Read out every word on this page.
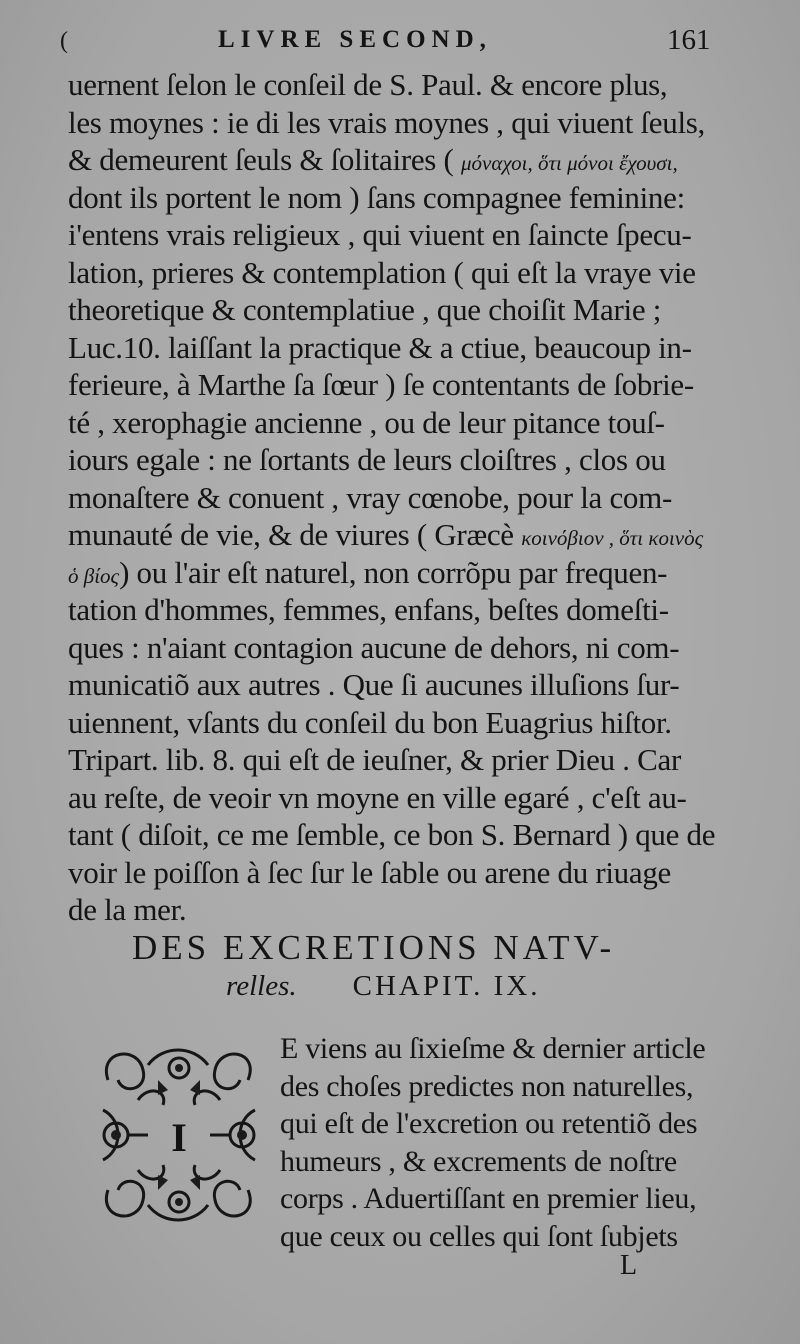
(	LIVRE SECOND,	161
uernent ſelon le conſeil de S. Paul. & encore plus,
les moynes : ie di les vrais moynes , qui viuent ſeuls,
& demeurent ſeuls & ſolitaires ( μόναχοι, ὅτι μόνοι ἔχουσι,
dont ils portent le nom ) ſans compagnee feminine:
i'entens vrais religieux , qui viuent en ſaincte ſpecu-
lation, prieres & contemplation ( qui eſt la vraye vie
theoretique & contemplatiue , que choiſit Marie ;
Luc.10. laiſſant la practique & a ctiue, beaucoup in-
ferieure, à Marthe ſa ſœur ) ſe contentants de ſobrie-
té , xerophagie ancienne , ou de leur pitance touſ-
iours egale : ne ſortants de leurs cloiſtres , clos ou
monaſtere & conuent , vray cœnobe, pour la com-
munauté de vie, & de viures ( Græcè κοινόβιον , ὅτι κοινὸς
ὁ βίος) ou l'air eſt naturel, non corrõpu par frequen-
tation d'hommes, femmes, enfans, beſtes domeſti-
ques : n'aiant contagion aucune de dehors, ni com-
municatiõ aux autres . Que ſi aucunes illuſions ſur-
uiennent, vſants du conſeil du bon Euagrius hiſtor.
Tripart. lib. 8. qui eſt de ieuſner, & prier Dieu . Car
au reſte, de veoir vn moyne en ville egaré , c'eſt au-
tant ( diſoit, ce me ſemble, ce bon S. Bernard ) que de
voir le poiſſon à ſec ſur le ſable ou arene du riuage
de la mer.
DES EXCRETIONS NATV-
relles. CHAPIT. IX.
I
E viens au ſixieſme & dernier article
des choſes predictes non naturelles,
qui eſt de l'excretion ou retentiõ des
humeurs , & excrements de noſtre
corps . Aduertiſſant en premier lieu,
que ceux ou celles qui ſont ſubjets
L
